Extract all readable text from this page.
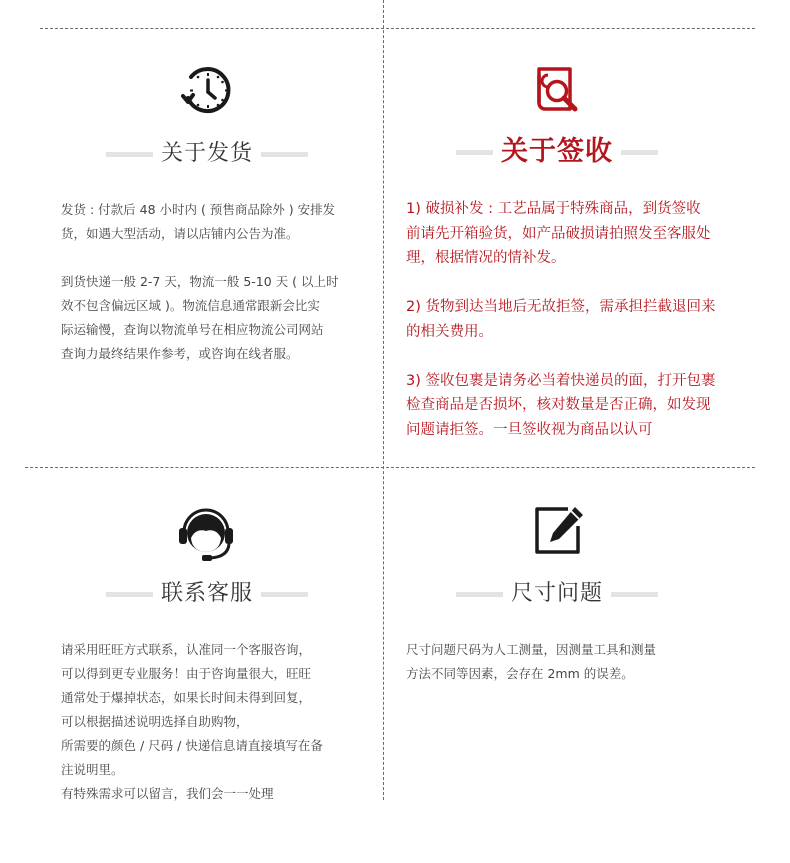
关于发货

发货 : 付款后 48 小时内 ( 预售商品除外 ) 安排发

货，如遇大型活动，请以店铺内公告为准。

到货快递一般 2-7 天，物流一般 5-10 天 ( 以上时

效不包含偏远区域 )。物流信息通常跟新会比实

际运输慢，查询以物流单号在相应物流公司网站

查询力最终结果作参考，或咨询在线者服。

关于签收

1) 破损补发 : 工艺品属于特殊商品，到货签收

前请先开箱验货，如产品破损请拍照发至客服处

理，根据情况的情补发。

2) 货物到达当地后无故拒签，需承担拦截退回来

的相关费用。

3) 签收包裹是请务必当着快递员的面，打开包裹

检查商品是否损坏，核对数量是否正确，如发现

问题请拒签。一旦签收视为商品以认可

联系客服

请采用旺旺方式联系，认准同一个客服咨询，

可以得到更专业服务！由于咨询量很大，旺旺

通常处于爆掉状态，如果长时间未得到回复，

可以根据描述说明选择自助购物，

所需要的颜色 / 尺码 / 快递信息请直接填写在备

注说明里。

有特殊需求可以留言，我们会一一处理

尺寸问题

尺寸问题尺码为人工测量，因测量工具和测量

方法不同等因素，会存在 2mm 的误差。
